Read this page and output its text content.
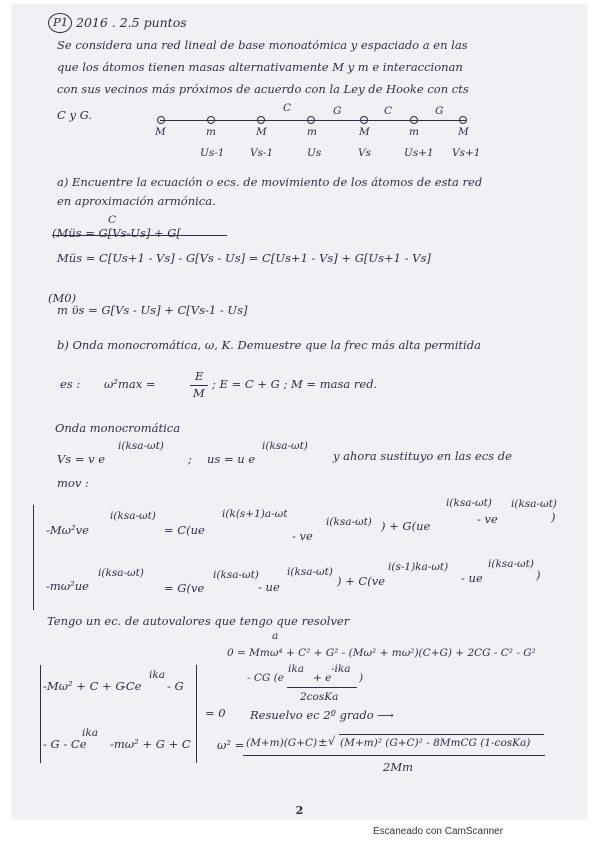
P1 2016 . 2.5 puntos
Se considera una red lineal de base monoatómica y espaciado a en las
que los átomos tienen masas alternativamente M y m e interaccionan
con sus vecinos más próximos de acuerdo con la Ley de Hooke con cts
C y G.	C	G	C	G
M	m	M	m	M	m	M
Us-1 Vs-1	Us	Vs	Us+1 Vs+1
a) Encuentre la ecuación o ecs. de movimiento de los átomos de esta red
en aproximación armónica.
C
(Müs = G[Vs-Us] + G[
Müs = C[Us+1 - Vs] - G[Vs - Us] = C[Us+1 - Vs] + G[Us+1 - Vs]
(M0)
m ϋs = G[Vs - Us] + C[Vs-1 - Us]
b) Onda monocromática, ω, K. Demuestre que la frec más alta permitida
es : ω²max =
E
M
; E = C + G ; M = masa red.
Onda monocromática
Vs = v e
i(ksa-ωt)
; us = u e
i(ksa-ωt)
y ahora sustituyo en las ecs de
mov :
-Mω²ve
i(ksa-ωt)
= C(ue
i(k(s+1)a-ωt
- ve
i(ksa-ωt) ) + G(ue
i(ksa-ωt)
- ve
i(ksa-ωt)
)
-mω²ue
i(ksa-ωt)
= G(ve
i(ksa-ωt)
- ue
i(ksa-ωt)
) + C(ve
i(s-1)ka-ωt)
- ue
i(ksa-ωt)
)
Tengo un ec. de autovalores que tengo que resolver
a
0 = Mmω⁴ + C² + G² - (Mω² + mω²)(C+G) + 2CG - C² - G²
- CG (e
ika
+ e
-ika
)
2cosKa
-Mω² + C + G
-Ce
ika
- G
- G - Ce
ika
-mω² + G + C
= 0 Resuelvo ec 2º grado ⟶
ω² = (M+m)(G+C) ± √ (M+m)² (G+C)² - 8MmCG (1-cosKa)
2Mm
2
Escaneado con CamScanner
